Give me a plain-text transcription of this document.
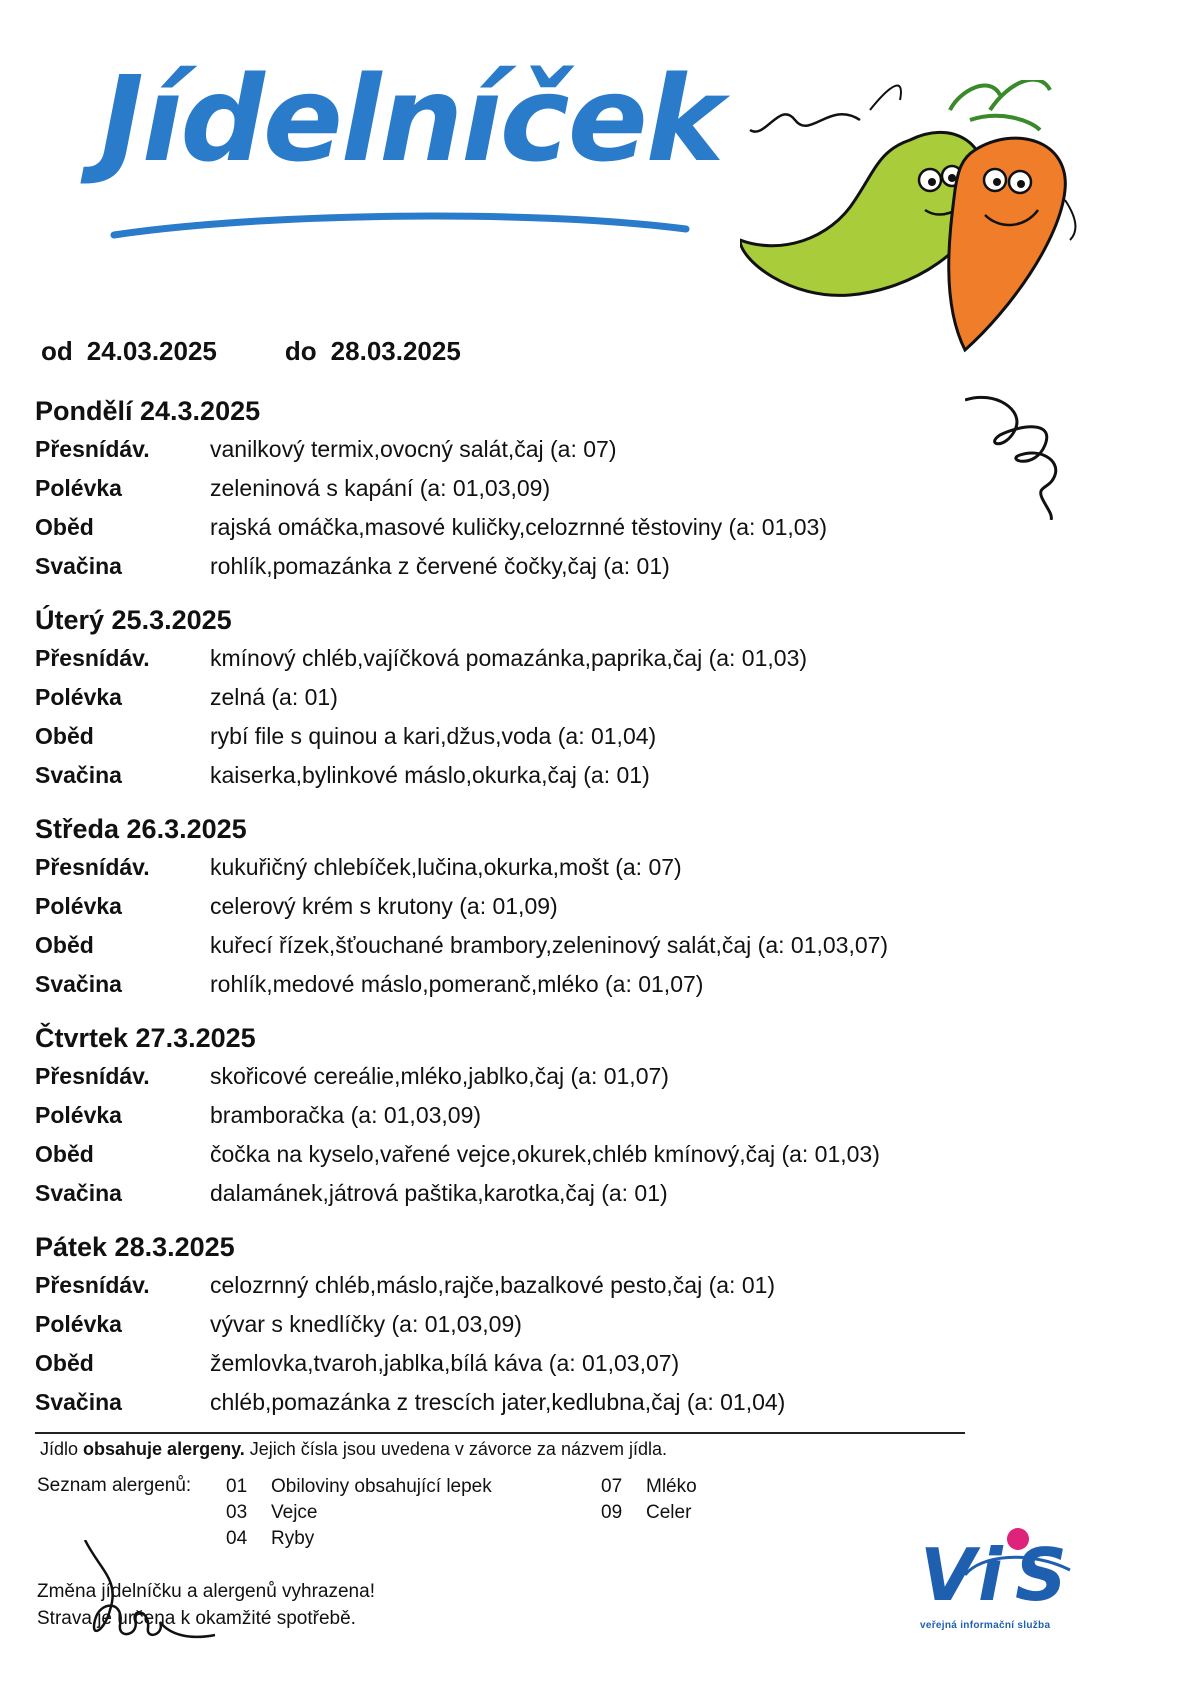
Jídelníček
od 24.03.2025	do 28.03.2025
Pondělí 24.3.2025
Přesnídáv.	vanilkový termix,ovocný salát,čaj (a: 07)
Polévka	zeleninová s kapání (a: 01,03,09)
Oběd	rajská omáčka,masové kuličky,celozrnné těstoviny (a: 01,03)
Svačina	rohlík,pomazánka z červené čočky,čaj (a: 01)
Úterý 25.3.2025
Přesnídáv.	kmínový chléb,vajíčková pomazánka,paprika,čaj (a: 01,03)
Polévka	zelná (a: 01)
Oběd	rybí file s quinou a kari,džus,voda (a: 01,04)
Svačina	kaiserka,bylinkové máslo,okurka,čaj (a: 01)
Středa 26.3.2025
Přesnídáv.	kukuřičný chlebíček,lučina,okurka,mošt (a: 07)
Polévka	celerový krém s krutony (a: 01,09)
Oběd	kuřecí řízek,šťouchané brambory,zeleninový salát,čaj (a: 01,03,07)
Svačina	rohlík,medové máslo,pomeranč,mléko (a: 01,07)
Čtvrtek 27.3.2025
Přesnídáv.	skořicové cereálie,mléko,jablko,čaj (a: 01,07)
Polévka	bramboračka (a: 01,03,09)
Oběd	čočka na kyselo,vařené vejce,okurek,chléb kmínový,čaj (a: 01,03)
Svačina	dalamánek,játrová paštika,karotka,čaj (a: 01)
Pátek 28.3.2025
Přesnídáv.	celozrnný chléb,máslo,rajče,bazalkové pesto,čaj (a: 01)
Polévka	vývar s knedlíčky (a: 01,03,09)
Oběd	žemlovka,tvaroh,jablka,bílá káva (a: 01,03,07)
Svačina	chléb,pomazánka z trescích jater,kedlubna,čaj (a: 01,04)
Jídlo obsahuje alergeny. Jejich čísla jsou uvedena v závorce za názvem jídla.
Seznam alergenů: 01	Obiloviny obsahující lepek
03	Vejce
04	Ryby
07	Mléko
09	Celer
Změna jídelníčku a alergenů vyhrazena!
Strava je určena k okamžité spotřebě.
V i S
veřejná informační služba
